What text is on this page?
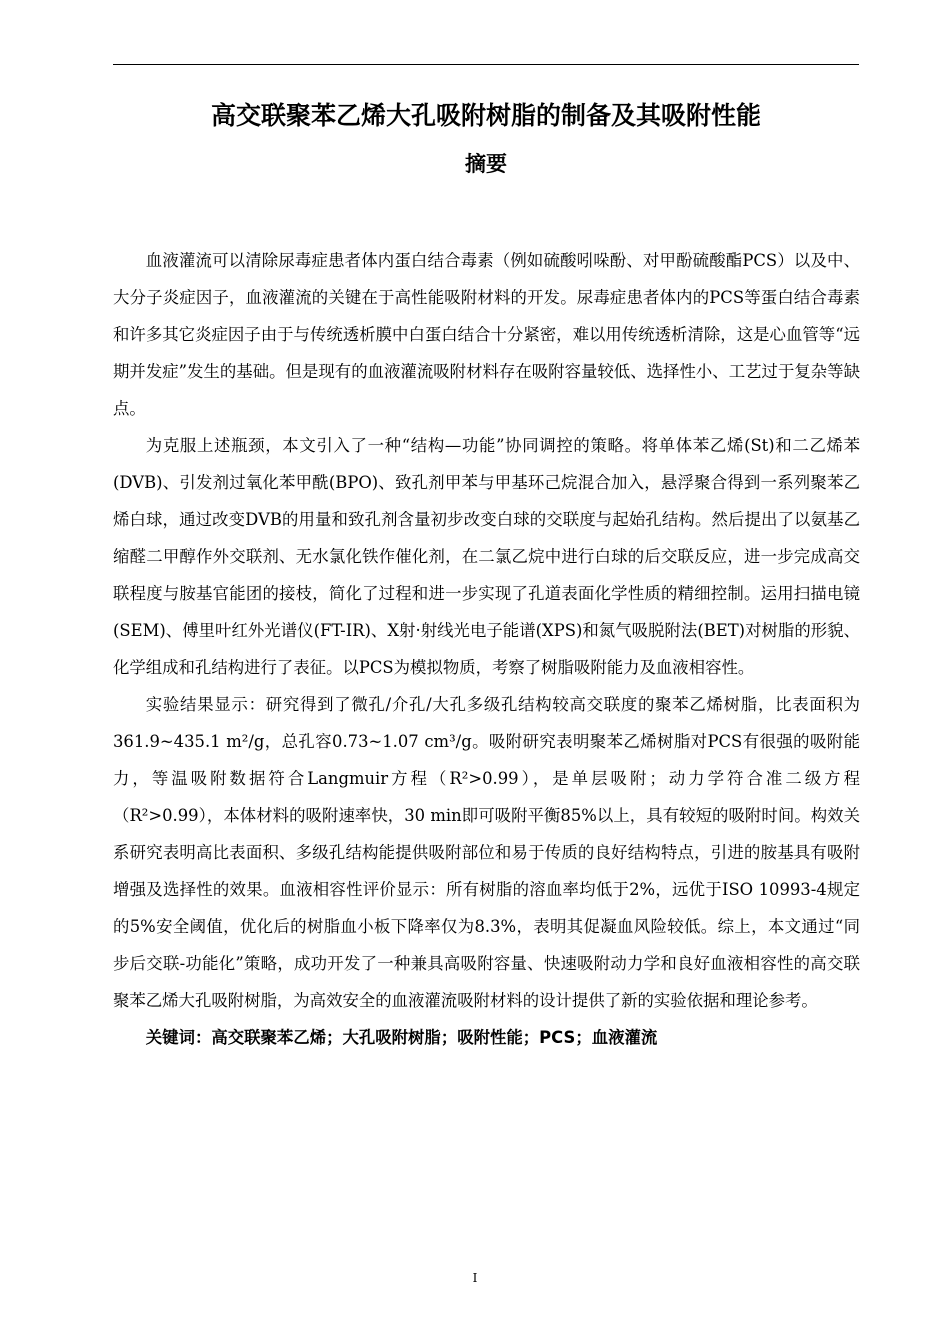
高交联聚苯乙烯大孔吸附树脂的制备及其吸附性能
摘要

血液灌流可以清除尿毒症患者体内蛋白结合毒素（例如硫酸吲哚酚、对甲酚硫酸酯PCS）以及中、大分子炎症因子，血液灌流的关键在于高性能吸附材料的开发。尿毒症患者体内的PCS等蛋白结合毒素和许多其它炎症因子由于与传统透析膜中白蛋白结合十分紧密，难以用传统透析清除，这是心血管等“远期并发症”发生的基础。但是现有的血液灌流吸附材料存在吸附容量较低、选择性小、工艺过于复杂等缺点。

为克服上述瓶颈，本文引入了一种“结构—功能”协同调控的策略。将单体苯乙烯(St)和二乙烯苯(DVB)、引发剂过氧化苯甲酰(BPO)、致孔剂甲苯与甲基环己烷混合加入，悬浮聚合得到一系列聚苯乙烯白球，通过改变DVB的用量和致孔剂含量初步改变白球的交联度与起始孔结构。然后提出了以氨基乙缩醛二甲醇作外交联剂、无水氯化铁作催化剂，在二氯乙烷中进行白球的后交联反应，进一步完成高交联程度与胺基官能团的接枝，简化了过程和进一步实现了孔道表面化学性质的精细控制。运用扫描电镜(SEM)、傅里叶红外光谱仪(FT-IR)、X射·射线光电子能谱(XPS)和氮气吸脱附法(BET)对树脂的形貌、化学组成和孔结构进行了表征。以PCS为模拟物质，考察了树脂吸附能力及血液相容性。

实验结果显示：研究得到了微孔/介孔/大孔多级孔结构较高交联度的聚苯乙烯树脂，比表面积为361.9~435.1 m²/g，总孔容0.73~1.07 cm³/g。吸附研究表明聚苯乙烯树脂对PCS有很强的吸附能力，等温吸附数据符合Langmuir方程（R²>0.99），是单层吸附；动力学符合准二级方程（R²>0.99），本体材料的吸附速率快，30 min即可吸附平衡85%以上，具有较短的吸附时间。构效关系研究表明高比表面积、多级孔结构能提供吸附部位和易于传质的良好结构特点，引进的胺基具有吸附增强及选择性的效果。血液相容性评价显示：所有树脂的溶血率均低于2%，远优于ISO 10993-4规定的5%安全阈值，优化后的树脂血小板下降率仅为8.3%，表明其促凝血风险较低。综上，本文通过“同步后交联-功能化”策略，成功开发了一种兼具高吸附容量、快速吸附动力学和良好血液相容性的高交联聚苯乙烯大孔吸附树脂，为高效安全的血液灌流吸附材料的设计提供了新的实验依据和理论参考。

关键词：高交联聚苯乙烯；大孔吸附树脂；吸附性能；PCS；血液灌流

I
